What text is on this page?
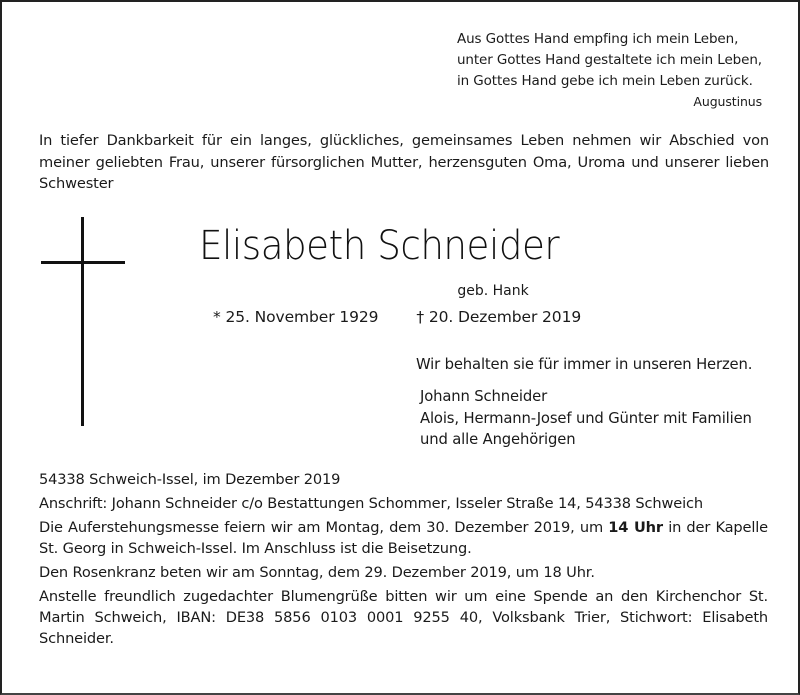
Aus Gottes Hand empfing ich mein Leben,
unter Gottes Hand gestaltete ich mein Leben,
in Gottes Hand gebe ich mein Leben zurück.
Augustinus
In tiefer Dankbarkeit für ein langes, glückliches, gemeinsames Leben nehmen wir Abschied von meiner geliebten Frau, unserer fürsorglichen Mutter, herzensguten Oma, Uroma und unserer lieben Schwester
Elisabeth Schneider
geb. Hank
* 25. November 1929 † 20. Dezember 2019
Wir behalten sie für immer in unseren Herzen.
Johann Schneider
Alois, Hermann-Josef und Günter mit Familien
und alle Angehörigen

54338 Schweich-Issel, im Dezember 2019

Anschrift: Johann Schneider c/o Bestattungen Schommer, Isseler Straße 14, 54338 Schweich

Die Auferstehungsmesse feiern wir am Montag, dem 30. Dezember 2019, um 14 Uhr in der Kapelle St. Georg in Schweich-Issel. Im Anschluss ist die Beisetzung.

Den Rosenkranz beten wir am Sonntag, dem 29. Dezember 2019, um 18 Uhr.

Anstelle freundlich zugedachter Blumengrüße bitten wir um eine Spende an den Kirchenchor St. Martin Schweich, IBAN: DE38 5856 0103 0001 9255 40, Volksbank Trier, Stichwort: Elisabeth Schneider.
